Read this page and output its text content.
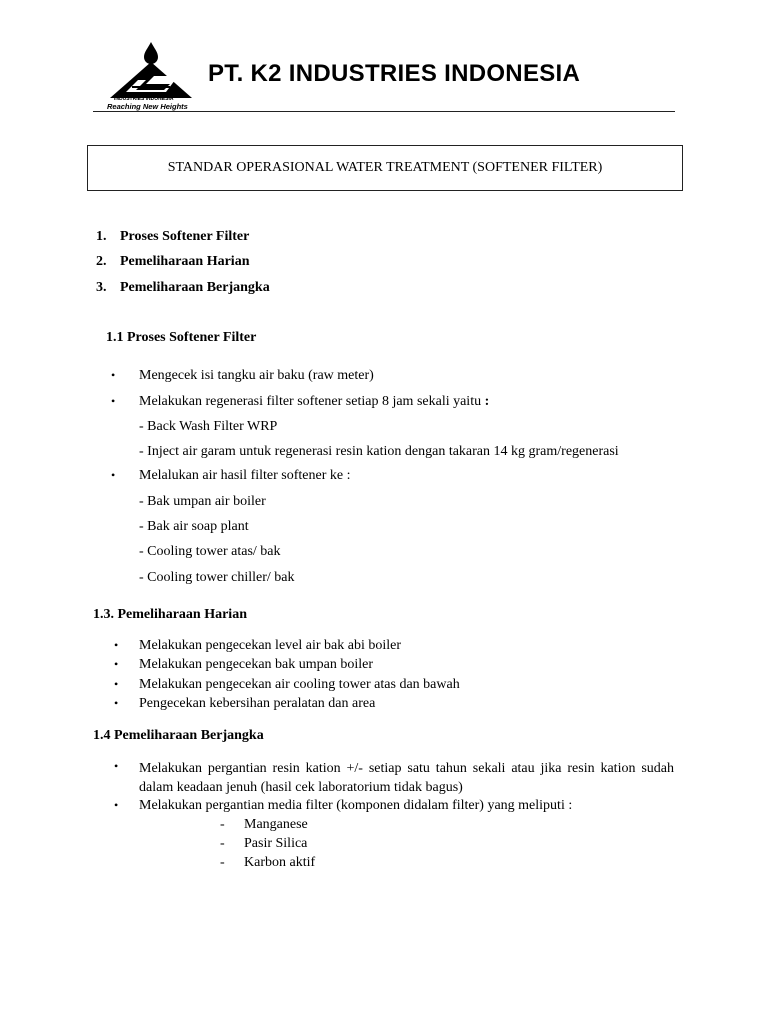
INDUSTRIES INDONESIA
Reaching New Heights
PT. K2 INDUSTRIES INDONESIA
STANDAR OPERASIONAL WATER TREATMENT (SOFTENER FILTER)
1. Proses Softener Filter
2. Pemeliharaan Harian
3. Pemeliharaan Berjangka
1.1 Proses Softener Filter
• Mengecek isi tangku air baku (raw meter)
• Melakukan regenerasi filter softener setiap 8 jam sekali yaitu :
- Back Wash Filter WRP
- Inject air garam untuk regenerasi resin kation dengan takaran 14 kg gram/regenerasi
• Melalukan air hasil filter softener ke :
- Bak umpan air boiler
- Bak air soap plant
- Cooling tower atas/ bak
- Cooling tower chiller/ bak
1.3. Pemeliharaan Harian
• Melakukan pengecekan level air bak abi boiler
• Melakukan pengecekan bak umpan boiler
• Melakukan pengecekan air cooling tower atas dan bawah
• Pengecekan kebersihan peralatan dan area
1.4 Pemeliharaan Berjangka
• Melakukan pergantian resin kation +/- setiap satu tahun sekali atau jika resin kation sudah dalam keadaan jenuh (hasil cek laboratorium tidak bagus)
• Melakukan pergantian media filter (komponen didalam filter) yang meliputi :
- Manganese
- Pasir Silica
- Karbon aktif
